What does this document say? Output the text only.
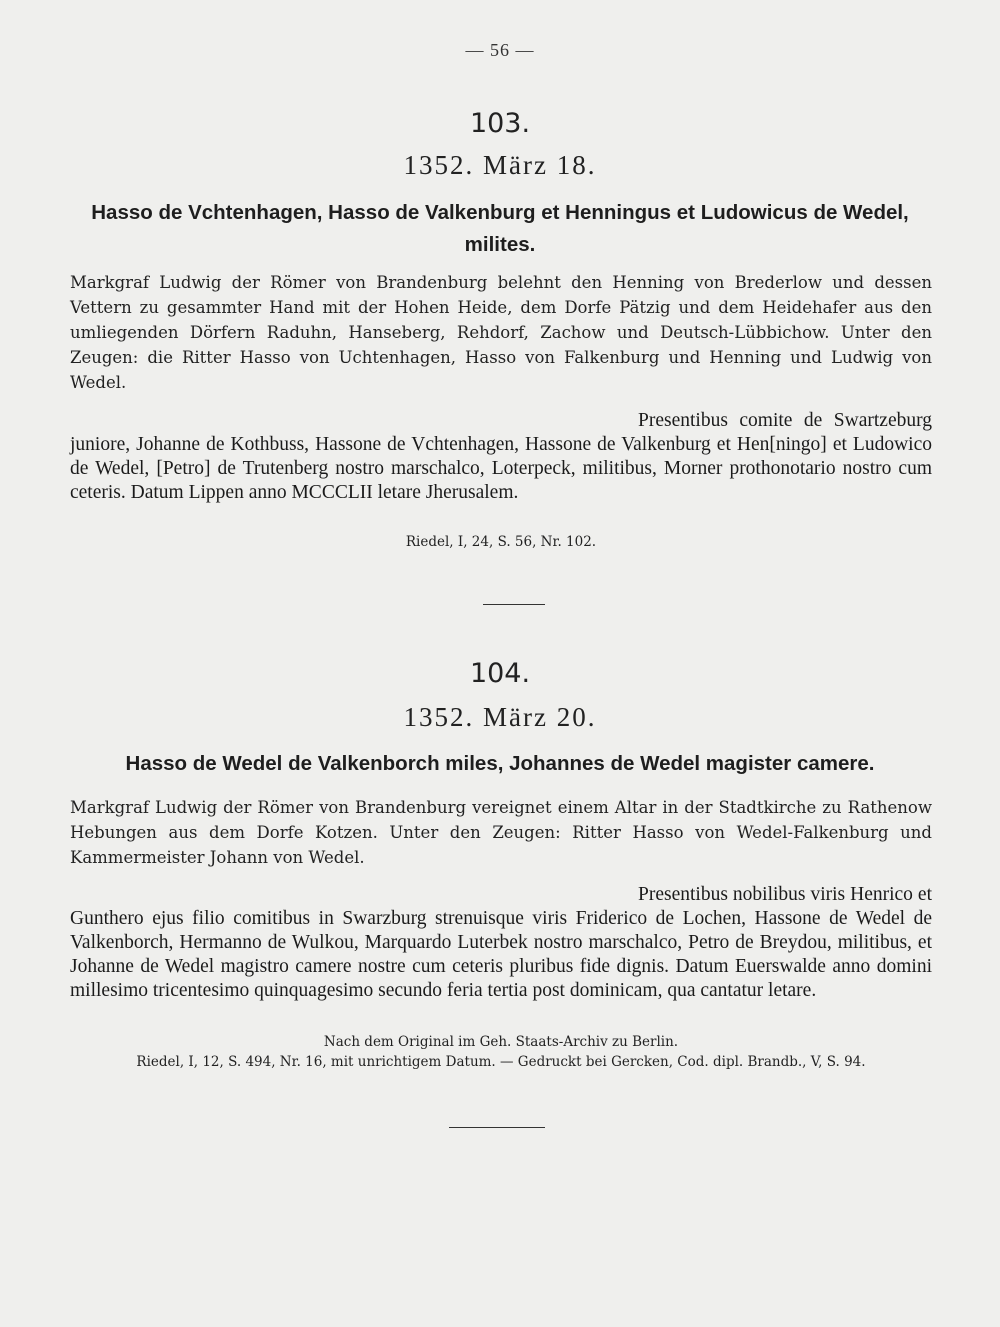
— 56 —
103.
1352. März 18.
Hasso de Vchtenhagen, Hasso de Valkenburg et Henningus et Ludowicus de Wedel, milites.
Markgraf Ludwig der Römer von Brandenburg belehnt den Henning von Brederlow und dessen Vettern zu gesammter Hand mit der Hohen Heide, dem Dorfe Pätzig und dem Heidehafer aus den umliegenden Dörfern Raduhn, Hanseberg, Rehdorf, Zachow und Deutsch-Lübbichow. Unter den Zeugen: die Ritter Hasso von Uchtenhagen, Hasso von Falkenburg und Henning und Ludwig von Wedel.
Presentibus comite de Swartzeburg juniore, Johanne de Kothbuss, Hassone de Vchtenhagen, Hassone de Valkenburg et Hen[ningo] et Ludowico de Wedel, [Petro] de Trutenberg nostro marschalco, Loterpeck, militibus, Morner prothonotario nostro cum ceteris. Datum Lippen anno MCCCLII letare Jherusalem.
Riedel, I, 24, S. 56, Nr. 102.
104.
1352. März 20.
Hasso de Wedel de Valkenborch miles, Johannes de Wedel magister camere.
Markgraf Ludwig der Römer von Brandenburg vereignet einem Altar in der Stadtkirche zu Rathenow Hebungen aus dem Dorfe Kotzen. Unter den Zeugen: Ritter Hasso von Wedel-Falkenburg und Kammermeister Johann von Wedel.
Presentibus nobilibus viris Henrico et Gunthero ejus filio comitibus in Swarzburg strenuisque viris Friderico de Lochen, Hassone de Wedel de Valkenborch, Hermanno de Wulkou, Marquardo Luterbek nostro marschalco, Petro de Breydou, militibus, et Johanne de Wedel magistro camere nostre cum ceteris pluribus fide dignis. Datum Euerswalde anno domini millesimo tricentesimo quinquagesimo secundo feria tertia post dominicam, qua cantatur letare.
Nach dem Original im Geh. Staats-Archiv zu Berlin.
Riedel, I, 12, S. 494, Nr. 16, mit unrichtigem Datum. — Gedruckt bei Gercken, Cod. dipl. Brandb., V, S. 94.
